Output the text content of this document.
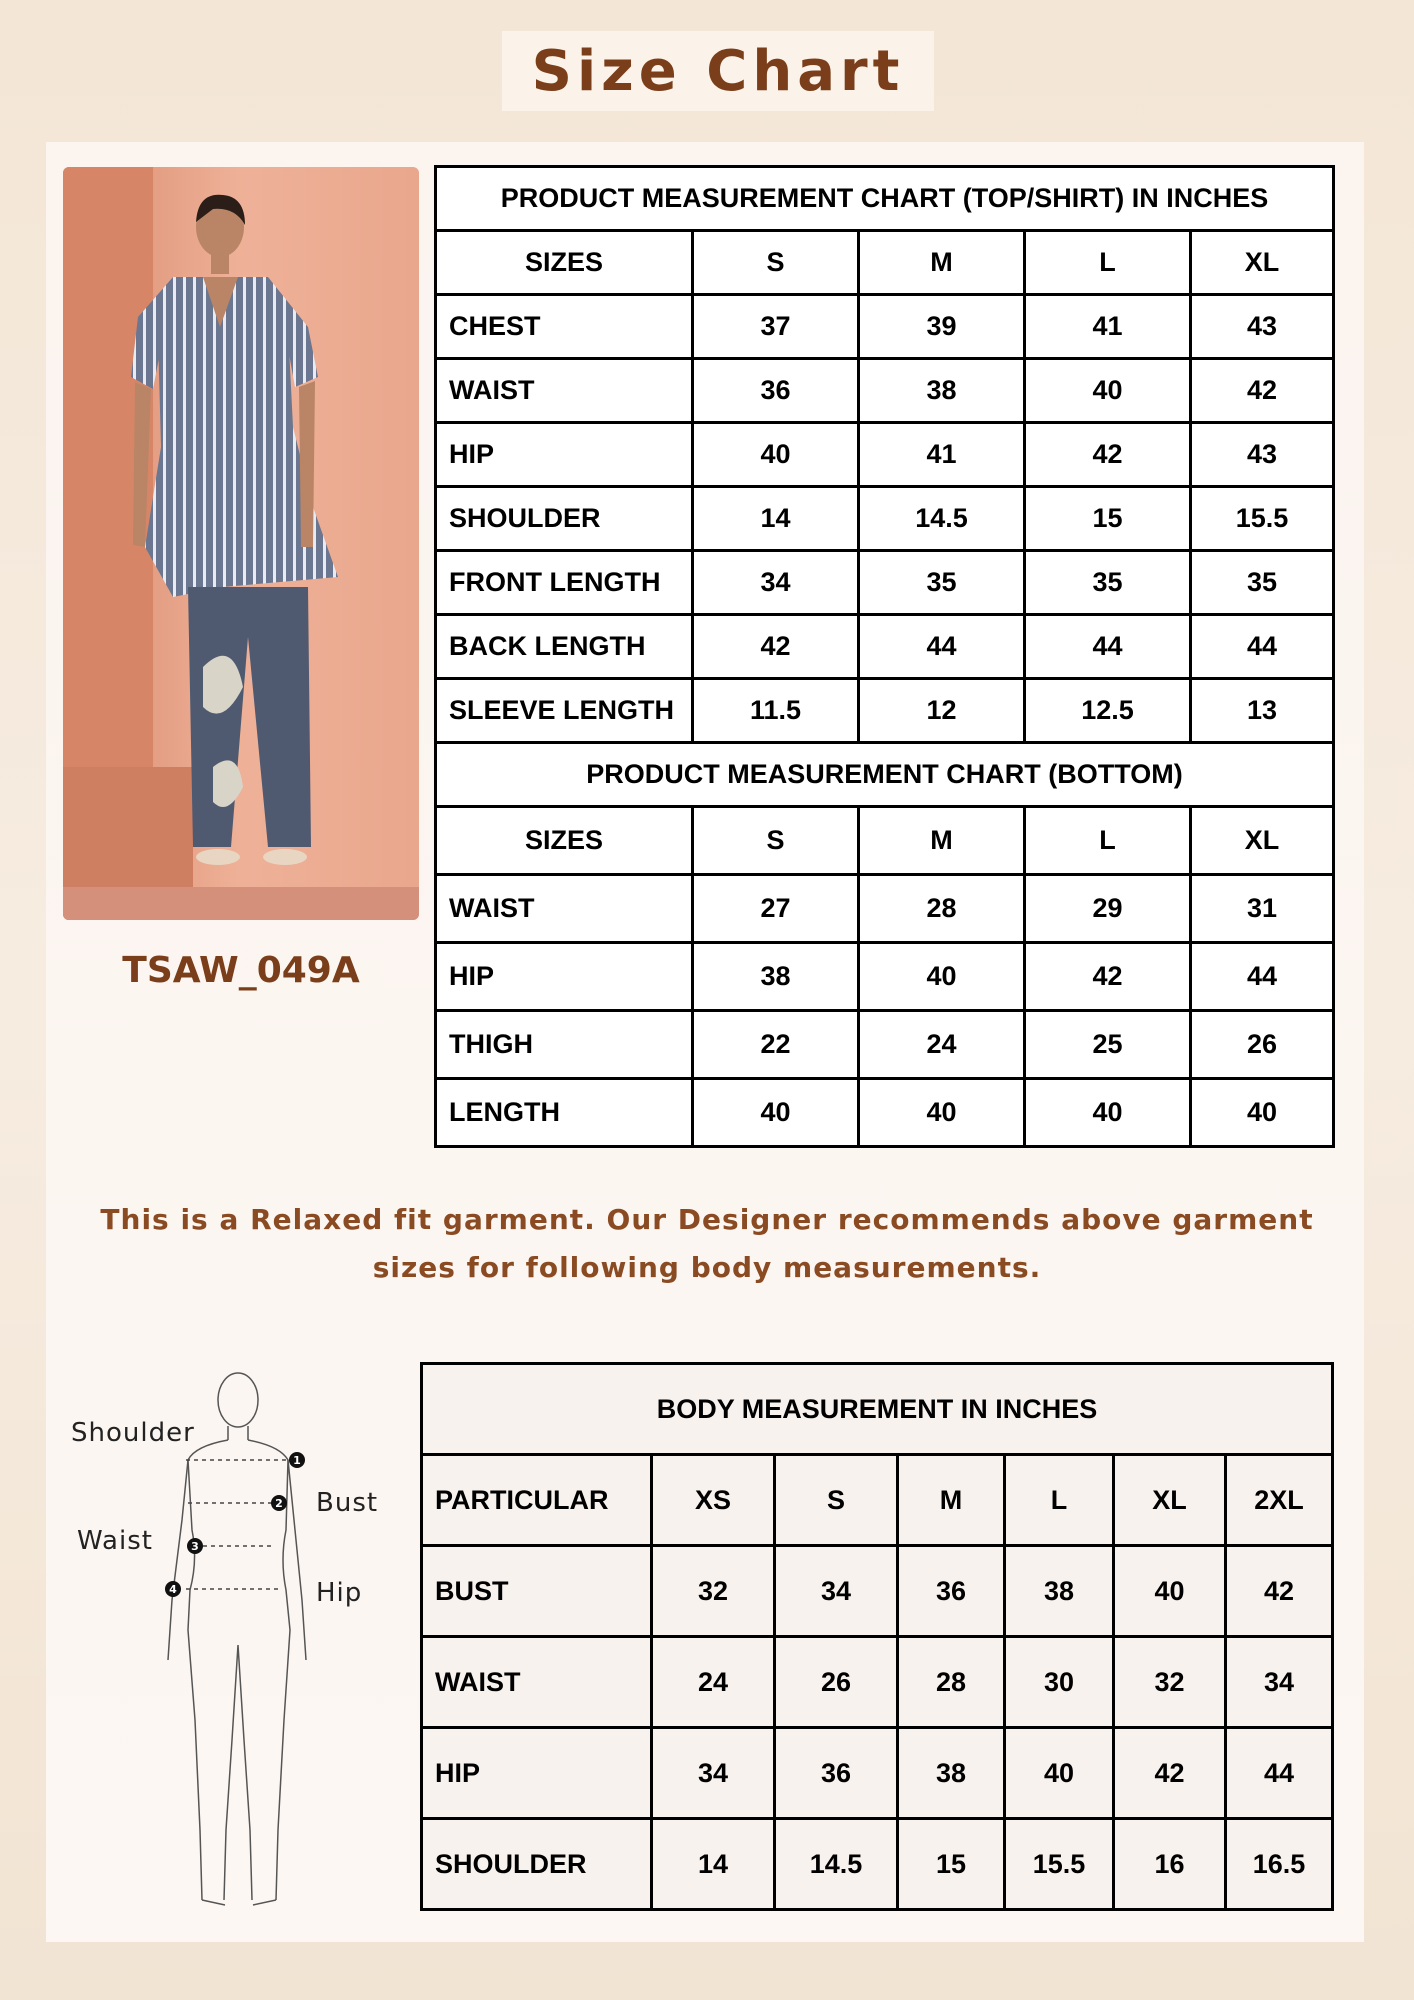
Size Chart
TSAW_049A
PRODUCT MEASUREMENT CHART (TOP/SHIRT) IN INCHES				
SIZES	S	M	L	XL
CHEST	37	39	41	43
WAIST	36	38	40	42
HIP	40	41	42	43
SHOULDER	14	14.5	15	15.5
FRONT LENGTH	34	35	35	35
BACK LENGTH	42	44	44	44
SLEEVE LENGTH	11.5	12	12.5	13
PRODUCT MEASUREMENT CHART (BOTTOM)				
SIZES	S	M	L	XL
WAIST	27	28	29	31
HIP	38	40	42	44
THIGH	22	24	25	26
LENGTH	40	40	40	40
This is a Relaxed fit garment. Our Designer recommends above garment sizes for following body measurements.
1
2
3
4
Shoulder
Bust
Waist
Hip
BODY MEASUREMENT IN INCHES						
PARTICULAR	XS	S	M	L	XL	2XL
BUST	32	34	36	38	40	42
WAIST	24	26	28	30	32	34
HIP	34	36	38	40	42	44
SHOULDER	14	14.5	15	15.5	16	16.5
